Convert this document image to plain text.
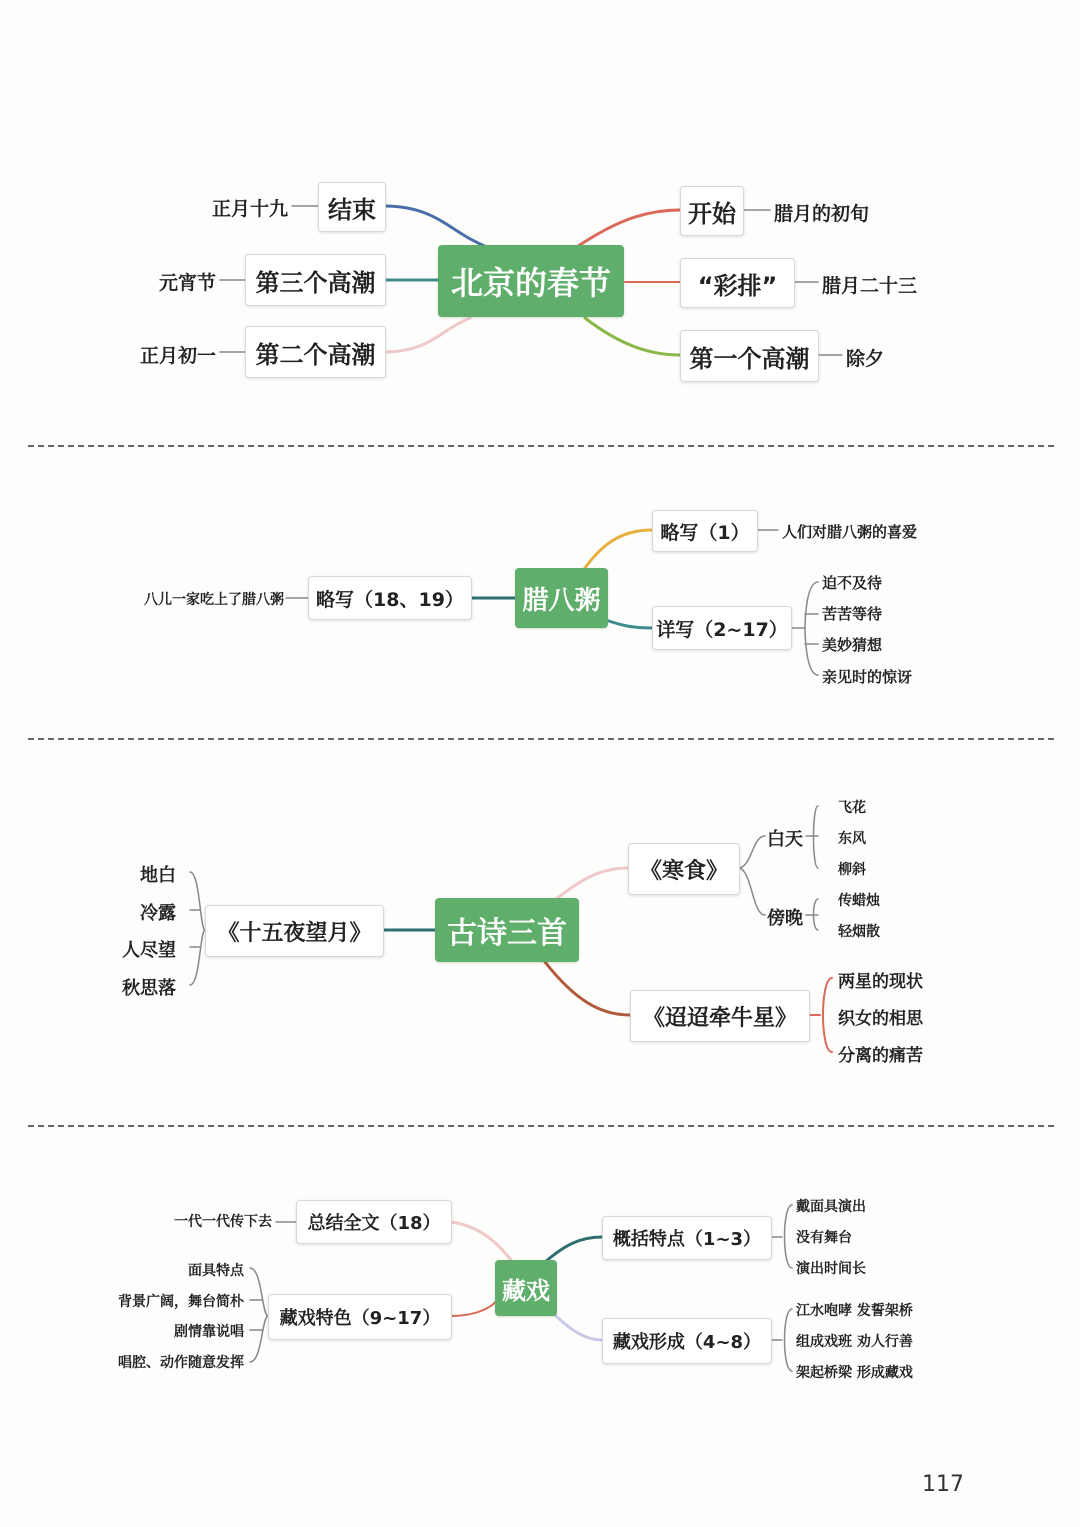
北京的春节
结束
正月十九
第三个高潮
元宵节
第二个高潮
正月初一
开始	腊月的初旬
“彩排”	腊月二十三
第一个高潮	除夕
腊八粥
略写（18、19）
八儿一家吃上了腊八粥
略写（1）	人们对腊八粥的喜爱
详写（2~17）
迫不及待
苦苦等待
美妙猜想
亲见时的惊讶
古诗三首
《十五夜望月》
地白
冷露
人尽望
秋思落
《寒食》
白天
飞花
东风
柳斜
傍晚
传蜡烛
轻烟散
《迢迢牵牛星》
两星的现状
织女的相思
分离的痛苦
藏戏
总结全文（18）
一代一代传下去
藏戏特色（9~17）
面具特点
背景广阔，舞台简朴
剧情靠说唱
唱腔、动作随意发挥
概括特点（1~3）
戴面具演出
没有舞台
演出时间长
藏戏形成（4~8）
江水咆哮 发誓架桥
组成戏班 劝人行善
架起桥梁 形成藏戏
117
